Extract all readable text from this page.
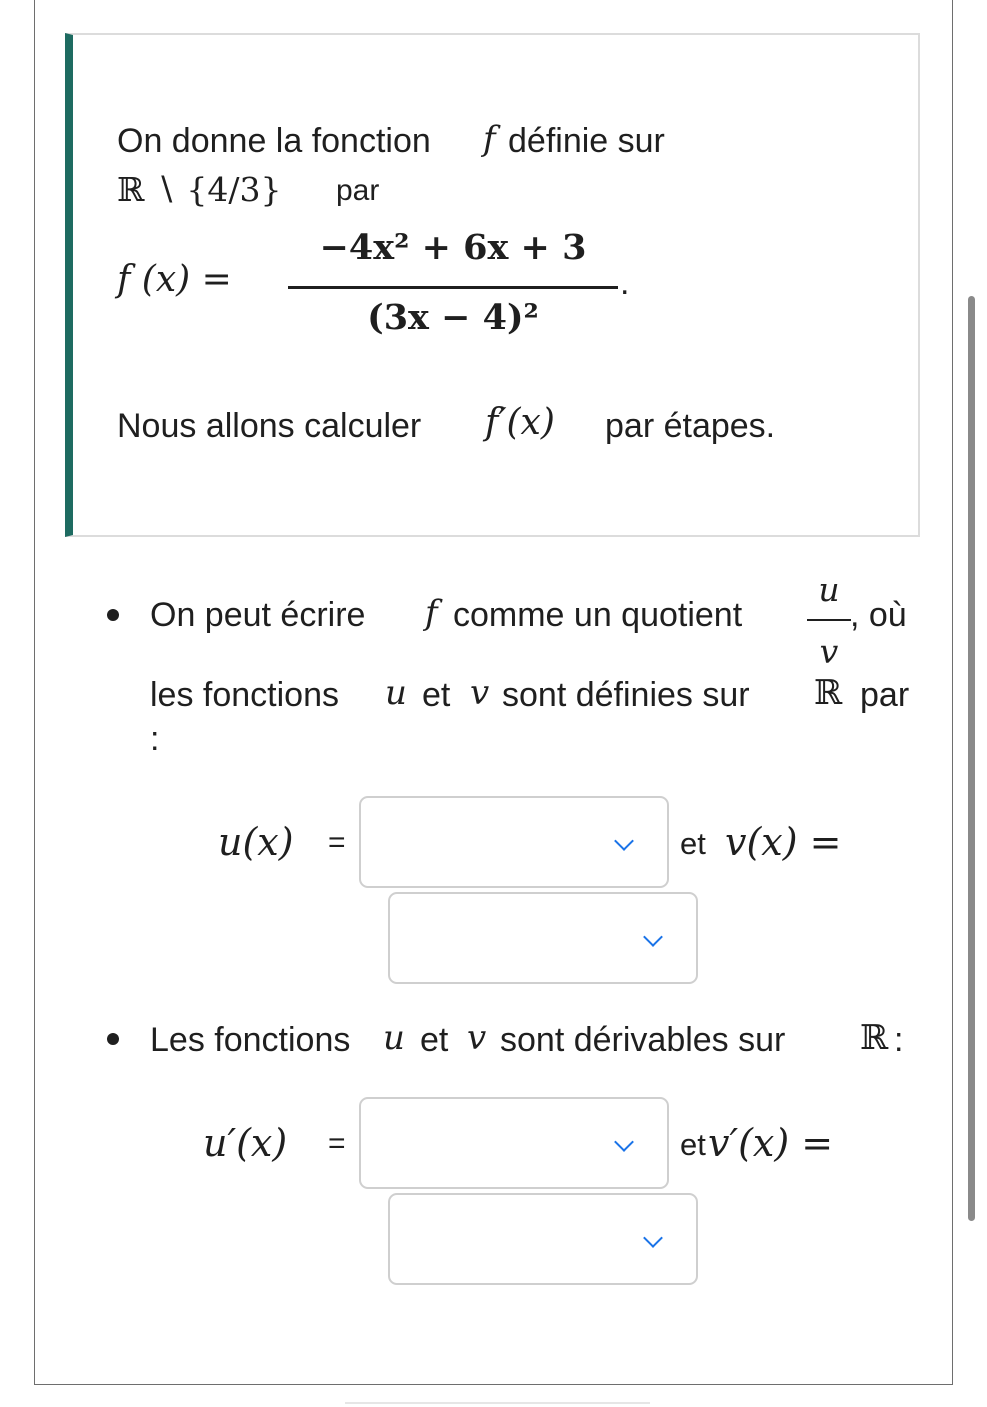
On donne la fonction f définie sur
ℝ ∖ {4/3} par
f (x) =
−4x² + 6x + 3
(3x − 4)²
.
Nous allons calculer f′(x) par étapes.
On peut écrire f comme un quotient
u
v
, où
les fonctions u et v sont définies sur ℝ par
:
u(x) =	et v(x) =
Les fonctions u et v sont dérivables sur ℝ :
u′(x) =	et v′(x) =
